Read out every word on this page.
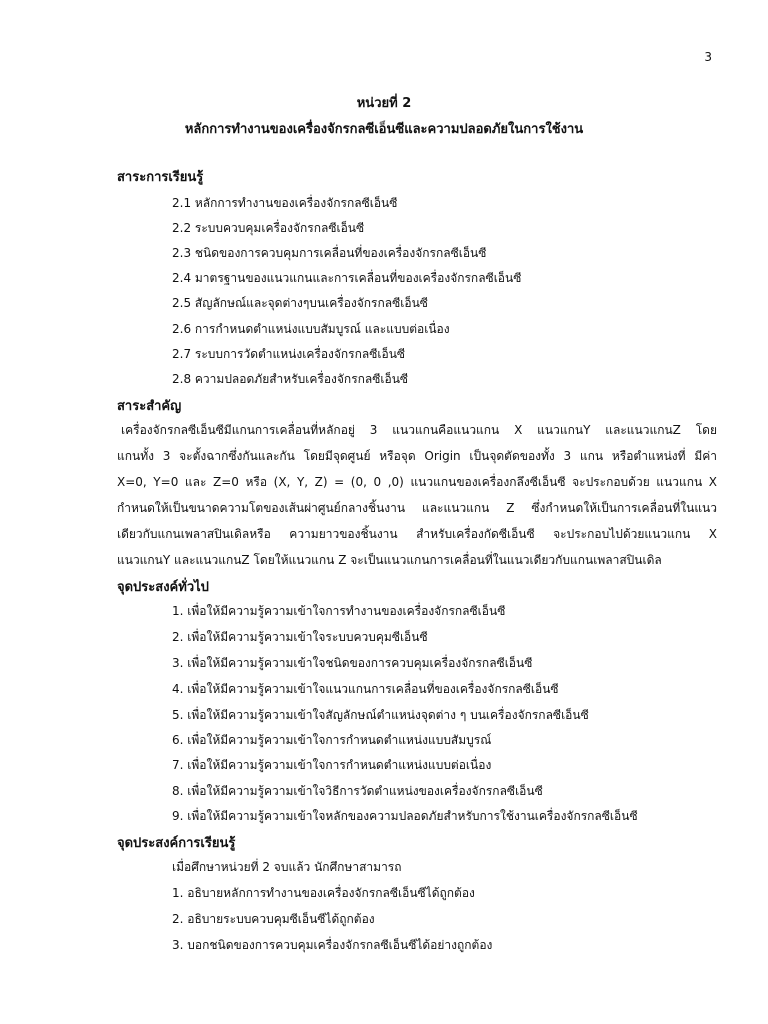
3
หน่วยที่ 2
หลักการทำงานของเครื่องจักรกลซีเอ็นซีและความปลอดภัยในการใช้งาน
สาระการเรียนรู้
2.1 หลักการทำงานของเครื่องจักรกลซีเอ็นซี
2.2 ระบบควบคุมเครื่องจักรกลซีเอ็นซี
2.3 ชนิดของการควบคุมการเคลื่อนที่ของเครื่องจักรกลซีเอ็นซี
2.4 มาตรฐานของแนวแกนและการเคลื่อนที่ของเครื่องจักรกลซีเอ็นซี
2.5 สัญลักษณ์และจุดต่างๆบนเครื่องจักรกลซีเอ็นซี
2.6 การกำหนดตำแหน่งแบบสัมบูรณ์ และแบบต่อเนื่อง
2.7 ระบบการวัดตำแหน่งเครื่องจักรกลซีเอ็นซี
2.8 ความปลอดภัยสำหรับเครื่องจักรกลซีเอ็นซี
สาระสำคัญ
เครื่องจักรกลซีเอ็นซีมีแกนการเคลื่อนที่หลักอยู่ 3 แนวแกนคือแนวแกน X แนวแกนY และแนวแกนZ โดย
แกนทั้ง 3 จะตั้งฉากซึ่งกันและกัน โดยมีจุดศูนย์ หรือจุด Origin เป็นจุดตัดของทั้ง 3 แกน หรือตำแหน่งที่ มีค่า
X=0, Y=0 และ Z=0 หรือ (X, Y, Z) = (0, 0 ,0) แนวแกนของเครื่องกลึงซีเอ็นซี จะประกอบด้วย แนวแกน X
กำหนดให้เป็นขนาดความโตของเส้นผ่าศูนย์กลางชิ้นงาน และแนวแกน Z ซึ่งกำหนดให้เป็นการเคลื่อนที่ในแนว
เดียวกับแกนเพลาสปินเดิลหรือ ความยาวของชิ้นงาน สำหรับเครื่องกัดซีเอ็นซี จะประกอบไปด้วยแนวแกน X
แนวแกนY และแนวแกนZ โดยให้แนวแกน Z จะเป็นแนวแกนการเคลื่อนที่ในแนวเดียวกับแกนเพลาสปินเดิล
จุดประสงค์ทั่วไป
1. เพื่อให้มีความรู้ความเข้าใจการทำงานของเครื่องจักรกลซีเอ็นซี
2. เพื่อให้มีความรู้ความเข้าใจระบบควบคุมซีเอ็นซี
3. เพื่อให้มีความรู้ความเข้าใจชนิดของการควบคุมเครื่องจักรกลซีเอ็นซี
4. เพื่อให้มีความรู้ความเข้าใจแนวแกนการเคลื่อนที่ของเครื่องจักรกลซีเอ็นซี
5. เพื่อให้มีความรู้ความเข้าใจสัญลักษณ์ตำแหน่งจุดต่าง ๆ บนเครื่องจักรกลซีเอ็นซี
6. เพื่อให้มีความรู้ความเข้าใจการกำหนดตำแหน่งแบบสัมบูรณ์
7. เพื่อให้มีความรู้ความเข้าใจการกำหนดตำแหน่งแบบต่อเนื่อง
8. เพื่อให้มีความรู้ความเข้าใจวิธีการวัดตำแหน่งของเครื่องจักรกลซีเอ็นซี
9. เพื่อให้มีความรู้ความเข้าใจหลักของความปลอดภัยสำหรับการใช้งานเครื่องจักรกลซีเอ็นซี
จุดประสงค์การเรียนรู้
เมื่อศึกษาหน่วยที่ 2 จบแล้ว นักศึกษาสามารถ
1. อธิบายหลักการทำงานของเครื่องจักรกลซีเอ็นซีได้ถูกต้อง
2. อธิบายระบบควบคุมซีเอ็นซีได้ถูกต้อง
3. บอกชนิดของการควบคุมเครื่องจักรกลซีเอ็นซีได้อย่างถูกต้อง
